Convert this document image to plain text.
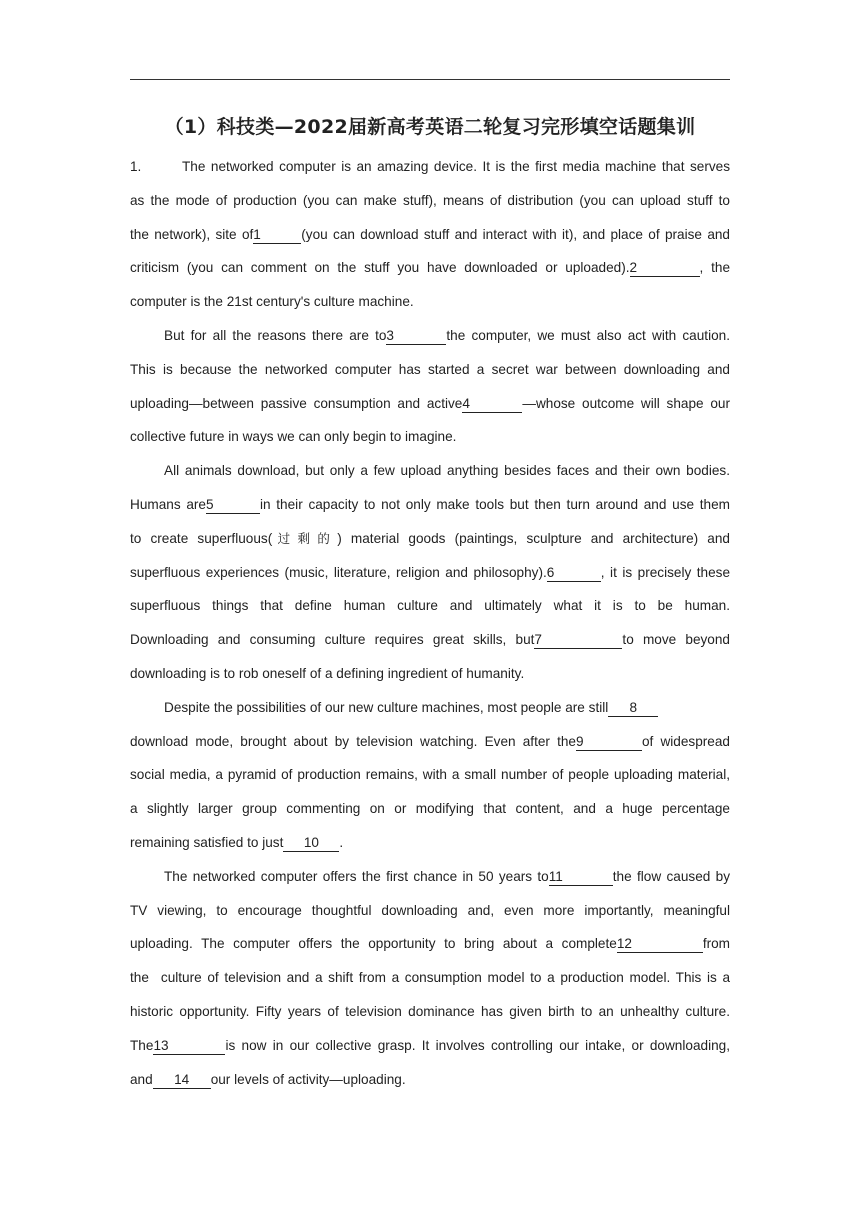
（1）科技类—2022届新高考英语二轮复习完形填空话题集训
1.	The networked computer is an amazing device. It is the first media machine that serves
as the mode of production (you can make stuff), means of distribution (you can upload stuff to
the network), site of1	(you can download stuff and interact with it), and place of praise and
criticism (you can comment on the stuff you have downloaded or uploaded).2	, the
computer is the 21st century's culture machine.
But for all the reasons there are to3	the computer, we must also act with caution.
This is because the networked computer has started a secret war between downloading and
uploading—between passive consumption and active4	—whose outcome will shape our
collective future in ways we can only begin to imagine.
All animals download, but only a few upload anything besides faces and their own bodies.
Humans are5	in their capacity to not only make tools but then turn around and use them
to create superfluous(过剩的) material goods (paintings, sculpture and architecture) and
superfluous experiences (music, literature, religion and philosophy).6	, it is precisely these
superfluous things that define human culture and ultimately what it is to be human.
Downloading and consuming culture requires great skills, but7	to move beyond
downloading is to rob oneself of a defining ingredient of humanity.
Despite the possibilities of our new culture machines, most people are still 8
download mode, brought about by television watching. Even after the9	of widespread
social media, a pyramid of production remains, with a small number of people uploading material,
a slightly larger group commenting on or modifying that content, and a huge percentage
remaining satisfied to just 10 .
The networked computer offers the first chance in 50 years to11	the flow caused by
TV viewing, to encourage thoughtful downloading and, even more importantly, meaningful
uploading. The computer offers the opportunity to bring about a complete12	from
the culture of television and a shift from a consumption model to a production model. This is a
historic opportunity. Fifty years of television dominance has given birth to an unhealthy culture.
The13	is now in our collective grasp. It involves controlling our intake, or downloading,
and 14 our levels of activity—uploading.
